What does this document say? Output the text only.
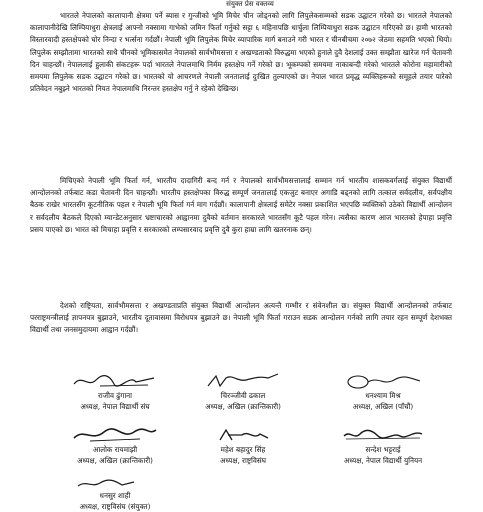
संयुक्त प्रेस वक्तव्य

भारतले नेपालको कालापानी क्षेत्रमा पर्ने ब्यास र गुन्जीको भूमि मिचेर चीन जोड्नको लागि लिपुलेकसम्मको सडक उद्घाटन गरेको छ। भारतले नेपालको कालापानीदेखि लिम्पियाधुरा क्षेत्रलाई आफ्नो नक्सामा गाभेको जमिन फिर्ता गर्नुको सट्टा ६ महिनापछि धार्चुला लिम्पियाधुरा सडक उद्घाटन गरिएको छ। हामी भारतको विस्तारवादी हस्तक्षेपको घोर निन्दा र भर्त्सना गर्दछौं। नेपाली भूमि लिपुलेक मिचेर व्यापारिक मार्ग बनाउने गरी भारत र चीनबीचमा २०७२ जेठमा सहमति भएको थियो। लिपुलेक सम्झौतामा भारतको साथै चीनको भूमिकासमेत नेपालको सार्वभौमसत्ता र अखण्डताको विरुद्धमा भएको हुनाले दुवै देशलाई उक्त सम्झौता खारेज गर्न चेतावनी दिन चाहन्छौं। नेपाललाई हुलाकी संकटहरू पर्दा भारतले नेपालमाथि निर्मम हस्तक्षेप गर्ने गरेको छ। भूकम्पको समयमा नाकाबन्दी गरेको भारतले कोरोना महामारीको समयमा लिपुलेक सडक उद्घाटन गरेको छ। भारतको यो आचरणले नेपाली जनतालाई दुःखित तुल्याएको छ। नेपाल भारत प्रवृद्ध व्यक्तिहरूको समूहले तयार पारेको प्रतिवेदन नबुझ्ने भारतको नियत नेपालमाथि निरन्तर हस्तक्षेप गर्नु ने रहेको देखिन्छ।

मिचिएको नेपाली भूमि फिर्ता गर्न, भारतीय दादागिरी बन्द गर्न र नेपालको सार्वभौमसत्तालाई सम्मान गर्न भारतीय शासकवर्गलाई संयुक्त विद्यार्थी आन्दोलनको तर्फबाट कडा चेतावनी दिन चाहन्छौं। भारतीय हस्तक्षेपका विरुद्ध सम्पूर्ण जनतालाई एकजुट बनाएर अगाडि बढ्नको लागि तत्काल सर्वदलीय, सर्वपक्षीय बैठक राखेर भारतसँग कूटनीतिक पहल र नेपाली भूमि फिर्ता गर्न माग गर्दछौं। कालापानी क्षेत्रलाई समेटेर नक्सा प्रकाशित भएपछि व्यक्तिको उठेको विद्यार्थी आन्दोलन र सर्वदलीय बैठकले दिएको म्यान्डेटअनुसार भ्रष्टाचारको आह्वानमा दुवैको वर्तमान सरकारले भारतसँग कूटै पहल गरेन। त्यसैका कारण आज भारतको हेपाहा प्रवृत्ति प्रसय पाएको छ। भारत को मिचाहा प्रवृत्ति र सरकारको लम्पसारवाद प्रवृत्ति दुवै कुरा हाम्रा लागि खतरनाक छन्।

देशको राष्ट्रियता, सार्वभौमसत्ता र अखण्डताप्रति संयुक्त विद्यार्थी आन्दोलन अत्यन्तै गम्भीर र संवेनशील छ। संयुक्त विद्यार्थी आन्दोलनको तर्फबाट परराष्ट्रमन्त्रीलाई ज्ञापनपत्र बुझाउने, भारतीय दूतावासमा विरोधपत्र बुझाउने छ। नेपाली भूमि फिर्ता गराउन सडक आन्दोलन गर्नको लागि तयार रहन सम्पूर्ण देशभक्त विद्यार्थी तथा जनसमुदायमा आह्वान गर्दछौं।

राजीव ढुंगाना
अध्यक्ष, नेपाल विद्यार्थी संघ
चिरञ्जीवी ढकाल
अध्यक्ष, अखिल (क्रान्तिकारी)
धनश्याम मिश्र
अध्यक्ष, अखिल (पाँचौं)
आलोक रायमाझी
अध्यक्ष, अखिल (क्रान्तिकारी)
महेश बहादुर सिंह
अध्यक्ष, राष्ट्रविसंघ
सन्देश भट्टराई
अध्यक्ष, नेपाल विद्यार्थी युनियन
धनसुर शाही
अध्यक्ष, राष्ट्रविसंघ (संयुक्त)
